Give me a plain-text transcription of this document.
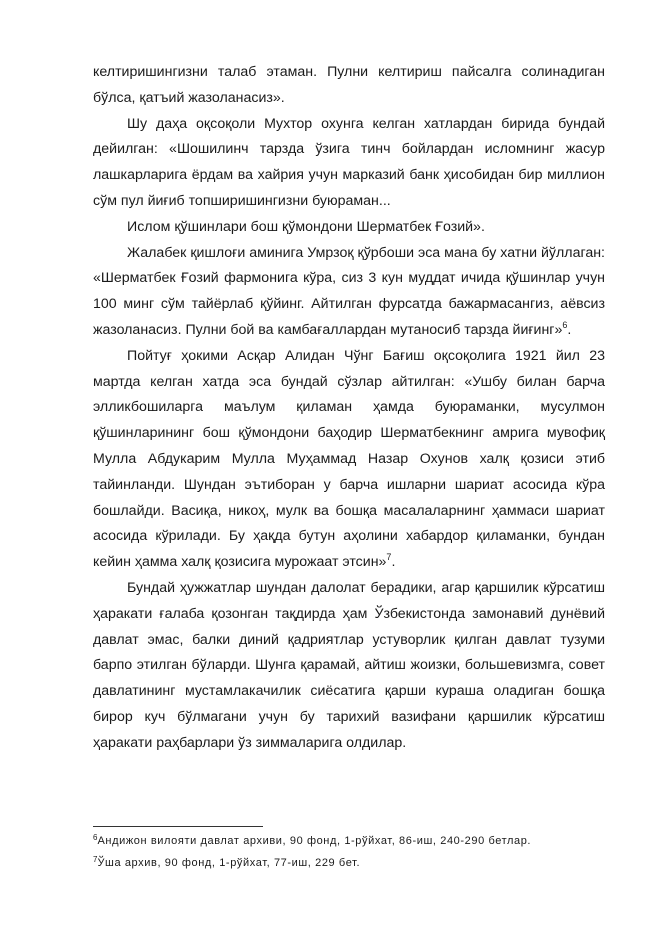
келтиришингизни талаб этаман. Пулни келтириш пайсалга солинадиган бўлса, қатъий жазоланасиз».

Шу даҳа оқсоқоли Мухтор охунга келган хатлардан бирида бундай дейилган: «Шошилинч тарзда ўзига тинч бойлардан исломнинг жасур лашкарларига ёрдам ва хайрия учун марказий банк ҳисобидан бир миллион сўм пул йиғиб топширишингизни буюраман...

Ислом қўшинлари бош қўмондони Шерматбек Ғозий».

Жалабек қишлоғи аминига Умрзоқ қўрбоши эса мана бу хатни йўллаган: «Шерматбек Ғозий фармонига кўра, сиз 3 кун муддат ичида қўшинлар учун 100 минг сўм тайёрлаб қўйинг. Айтилган фурсатда бажармасангиз, аёвсиз жазоланасиз. Пулни бой ва камбағаллардан мутаносиб тарзда йиғинг»$^6$.

Пойтуғ ҳокими Асқар Алидан Чўнг Бағиш оқсоқолига 1921 йил 23 мартда келган хатда эса бундай сўзлар айтилган: «Ушбу билан барча элликбошиларга маълум қиламан ҳамда буюраманки, мусулмон қўшинларининг бош қўмондони баҳодир Шерматбекнинг амрига мувофиқ Мулла Абдукарим Мулла Муҳаммад Назар Охунов халқ қозиси этиб тайинланди. Шундан эътиборан у барча ишларни шариат асосида кўра бошлайди. Васиқа, никоҳ, мулк ва бошқа масалаларнинг ҳаммаси шариат асосида кўрилади. Бу ҳақда бутун аҳолини хабардор қиламанки, бундан кейин ҳамма халқ қозисига мурожаат этсин»$^7$.

Бундай ҳужжатлар шундан далолат берадики, агар қаршилик кўрсатиш ҳаракати ғалаба қозонган тақдирда ҳам Ўзбекистонда замонавий дунёвий давлат эмас, балки диний қадриятлар устуворлик қилган давлат тузуми барпо этилган бўларди. Шунга қарамай, айтиш жоизки, большевизмга, совет давлатининг мустамлакачилик сиёсатига қарши кураша оладиган бошқа бирор куч бўлмагани учун бу тарихий вазифани қаршилик кўрсатиш ҳаракати раҳбарлари ўз зиммаларига олдилар.

$^6$Андижон вилояти давлат архиви, 90 фонд, 1-рўйхат, 86-иш, 240-290 бетлар.

$^7$Ўша архив, 90 фонд, 1-рўйхат, 77-иш, 229 бет.
